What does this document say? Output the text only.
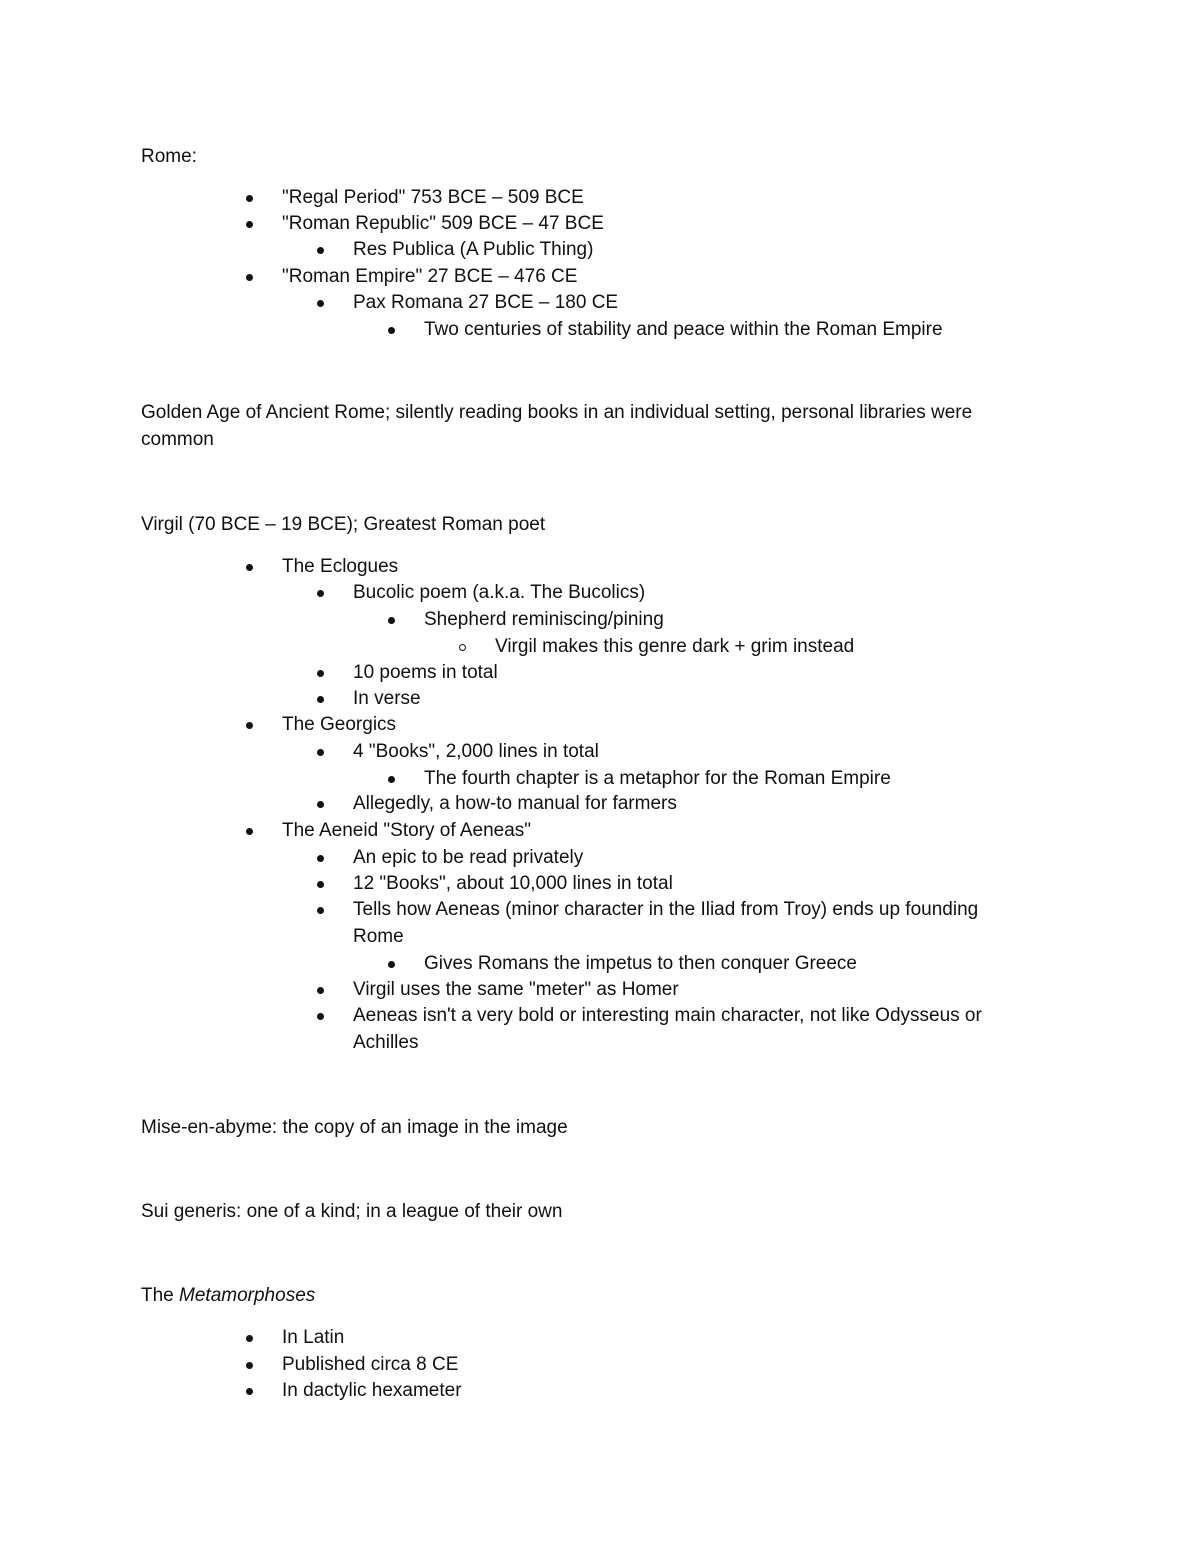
Rome:
"Regal Period" 753 BCE – 509 BCE
"Roman Republic" 509 BCE – 47 BCE
Res Publica (A Public Thing)
"Roman Empire" 27 BCE – 476 CE
Pax Romana 27 BCE – 180 CE
Two centuries of stability and peace within the Roman Empire
Golden Age of Ancient Rome; silently reading books in an individual setting, personal libraries were
common
Virgil (70 BCE – 19 BCE); Greatest Roman poet
The Eclogues
Bucolic poem (a.k.a. The Bucolics)
Shepherd reminiscing/pining
Virgil makes this genre dark + grim instead
10 poems in total
In verse
The Georgics
4 "Books", 2,000 lines in total
The fourth chapter is a metaphor for the Roman Empire
Allegedly, a how-to manual for farmers
The Aeneid "Story of Aeneas"
An epic to be read privately
12 "Books", about 10,000 lines in total
Tells how Aeneas (minor character in the Iliad from Troy) ends up founding
Rome
Gives Romans the impetus to then conquer Greece
Virgil uses the same "meter" as Homer
Aeneas isn't a very bold or interesting main character, not like Odysseus or
Achilles
Mise-en-abyme: the copy of an image in the image
Sui generis: one of a kind; in a league of their own
The Metamorphoses
In Latin
Published circa 8 CE
In dactylic hexameter
